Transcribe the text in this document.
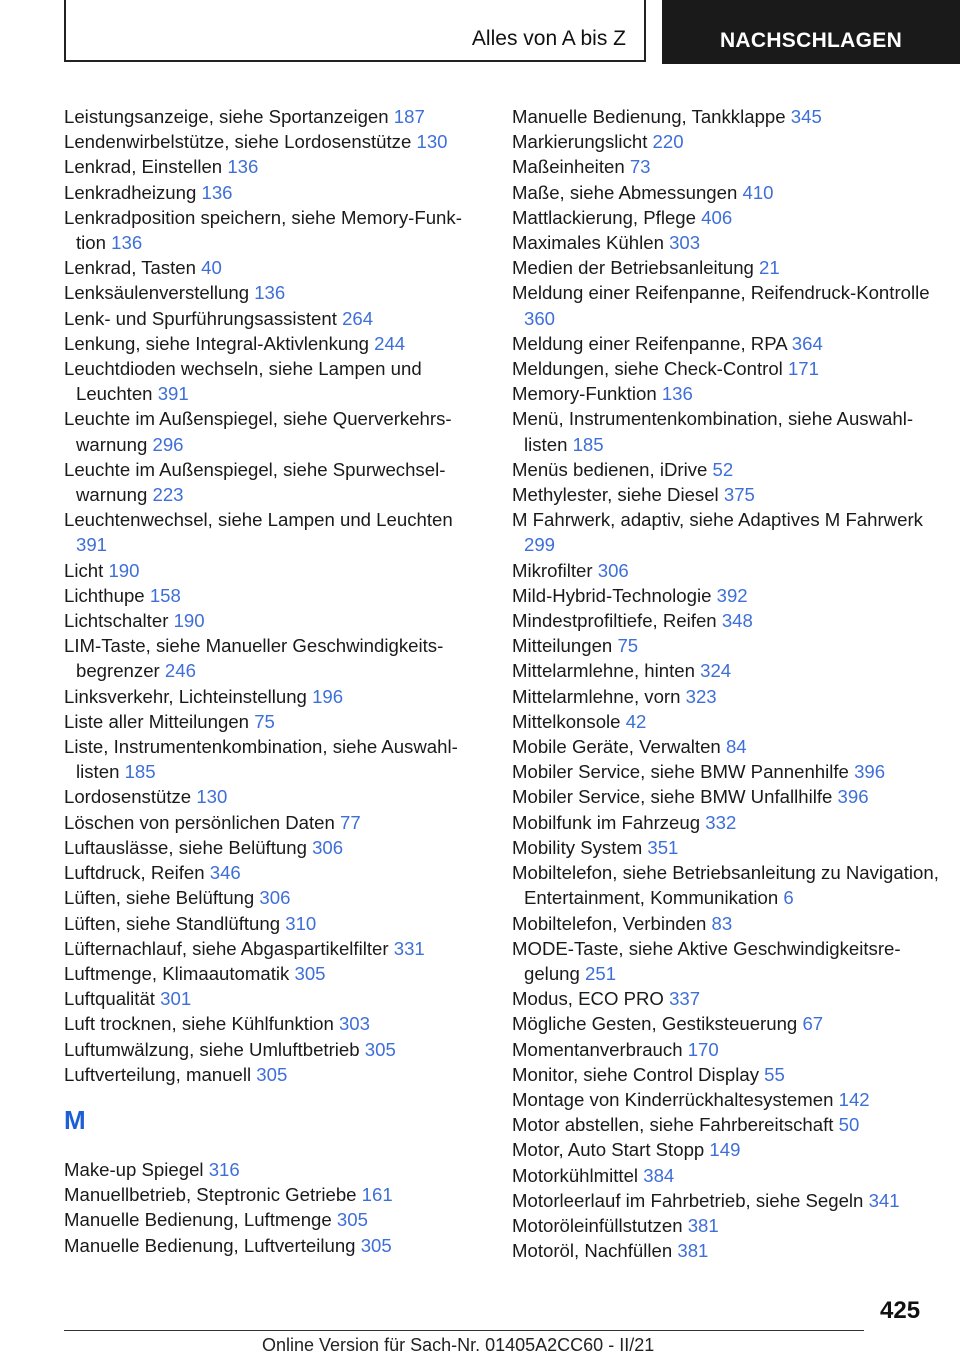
Alles von A bis Z	NACHSCHLAGEN

Leistungsanzeige, siehe Sportanzeigen 187

Lendenwirbelstütze, siehe Lordosenstütze 130

Lenkrad, Einstellen 136

Lenkradheizung 136

Lenkradposition speichern, siehe Memory-Funktion 136

Lenkrad, Tasten 40

Lenksäulenverstellung 136

Lenk- und Spurführungsassistent 264

Lenkung, siehe Integral-Aktivlenkung 244

Leuchtdioden wechseln, siehe Lampen und Leuchten 391

Leuchte im Außenspiegel, siehe Querverkehrswarnung 296

Leuchte im Außenspiegel, siehe Spurwechselwarnung 223

Leuchtenwechsel, siehe Lampen und Leuchten 391

Licht 190

Lichthupe 158

Lichtschalter 190

LIM-Taste, siehe Manueller Geschwindigkeitsbegrenzer 246

Linksverkehr, Lichteinstellung 196

Liste aller Mitteilungen 75

Liste, Instrumentenkombination, siehe Auswahllisten 185

Lordosenstütze 130

Löschen von persönlichen Daten 77

Luftauslässe, siehe Belüftung 306

Luftdruck, Reifen 346

Lüften, siehe Belüftung 306

Lüften, siehe Standlüftung 310

Lüfternachlauf, siehe Abgaspartikelfilter 331

Luftmenge, Klimaautomatik 305

Luftqualität 301

Luft trocknen, siehe Kühlfunktion 303

Luftumwälzung, siehe Umluftbetrieb 305

Luftverteilung, manuell 305

M

Make-up Spiegel 316

Manuellbetrieb, Steptronic Getriebe 161

Manuelle Bedienung, Luftmenge 305

Manuelle Bedienung, Luftverteilung 305

Manuelle Bedienung, Tankklappe 345

Markierungslicht 220

Maßeinheiten 73

Maße, siehe Abmessungen 410

Mattlackierung, Pflege 406

Maximales Kühlen 303

Medien der Betriebsanleitung 21

Meldung einer Reifenpanne, Reifendruck-Kontrolle 360

Meldung einer Reifenpanne, RPA 364

Meldungen, siehe Check-Control 171

Memory-Funktion 136

Menü, Instrumentenkombination, siehe Auswahllisten 185

Menüs bedienen, iDrive 52

Methylester, siehe Diesel 375

M Fahrwerk, adaptiv, siehe Adaptives M Fahrwerk 299

Mikrofilter 306

Mild-Hybrid-Technologie 392

Mindestprofiltiefe, Reifen 348

Mitteilungen 75

Mittelarmlehne, hinten 324

Mittelarmlehne, vorn 323

Mittelkonsole 42

Mobile Geräte, Verwalten 84

Mobiler Service, siehe BMW Pannenhilfe 396

Mobiler Service, siehe BMW Unfallhilfe 396

Mobilfunk im Fahrzeug 332

Mobility System 351

Mobiltelefon, siehe Betriebsanleitung zu Navigation, Entertainment, Kommunikation 6

Mobiltelefon, Verbinden 83

MODE-Taste, siehe Aktive Geschwindigkeitsregelung 251

Modus, ECO PRO 337

Mögliche Gesten, Gestiksteuerung 67

Momentanverbrauch 170

Monitor, siehe Control Display 55

Montage von Kinderrückhaltesystemen 142

Motor abstellen, siehe Fahrbereitschaft 50

Motor, Auto Start Stopp 149

Motorkühlmittel 384

Motorleerlauf im Fahrbetrieb, siehe Segeln 341

Motoröleinfüllstutzen 381

Motoröl, Nachfüllen 381

425
Online Version für Sach-Nr. 01405A2CC60 - II/21
